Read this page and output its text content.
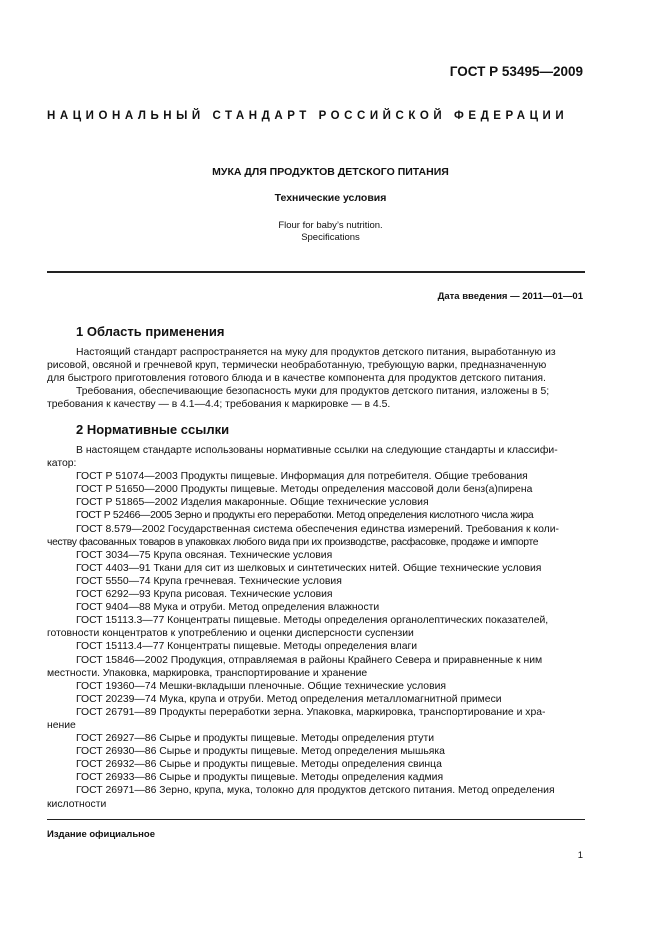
ГОСТ Р 53495—2009
НАЦИОНАЛЬНЫЙ СТАНДАРТ РОССИЙСКОЙ ФЕДЕРАЦИИ
МУКА ДЛЯ ПРОДУКТОВ ДЕТСКОГО ПИТАНИЯ
Технические условия
Flour for baby’s nutrition.
Specifications
Дата введения — 2011—01—01
1 Область применения
Настоящий стандарт распространяется на муку для продуктов детского питания, выработанную из
рисовой, овсяной и гречневой круп, термически необработанную, требующую варки, предназначенную
для быстрого приготовления готового блюда и в качестве компонента для продуктов детского питания.
Требования, обеспечивающие безопасность муки для продуктов детского питания, изложены в 5;
требования к качеству — в 4.1—4.4; требования к маркировке — в 4.5.
2 Нормативные ссылки
В настоящем стандарте использованы нормативные ссылки на следующие стандарты и классифи-
катор:
ГОСТ Р 51074—2003 Продукты пищевые. Информация для потребителя. Общие требования
ГОСТ Р 51650—2000 Продукты пищевые. Методы определения массовой доли бенз(а)пирена
ГОСТ Р 51865—2002 Изделия макаронные. Общие технические условия
ГОСТ Р 52466—2005 Зерно и продукты его переработки. Метод определения кислотного числа жира
ГОСТ 8.579—2002 Государственная система обеспечения единства измерений. Требования к коли-
честву фасованных товаров в упаковках любого вида при их производстве, расфасовке, продаже и импорте
ГОСТ 3034—75 Крупа овсяная. Технические условия
ГОСТ 4403—91 Ткани для сит из шелковых и синтетических нитей. Общие технические условия
ГОСТ 5550—74 Крупа гречневая. Технические условия
ГОСТ 6292—93 Крупа рисовая. Технические условия
ГОСТ 9404—88 Мука и отруби. Метод определения влажности
ГОСТ 15113.3—77 Концентраты пищевые. Методы определения органолептических показателей,
готовности концентратов к употреблению и оценки дисперсности суспензии
ГОСТ 15113.4—77 Концентраты пищевые. Методы определения влаги
ГОСТ 15846—2002 Продукция, отправляемая в районы Крайнего Севера и приравненные к ним
местности. Упаковка, маркировка, транспортирование и хранение
ГОСТ 19360—74 Мешки-вкладыши пленочные. Общие технические условия
ГОСТ 20239—74 Мука, крупа и отруби. Метод определения металломагнитной примеси
ГОСТ 26791—89 Продукты переработки зерна. Упаковка, маркировка, транспортирование и хра-
нение
ГОСТ 26927—86 Сырье и продукты пищевые. Методы определения ртути
ГОСТ 26930—86 Сырье и продукты пищевые. Метод определения мышьяка
ГОСТ 26932—86 Сырье и продукты пищевые. Методы определения свинца
ГОСТ 26933—86 Сырье и продукты пищевые. Методы определения кадмия
ГОСТ 26971—86 Зерно, крупа, мука, толокно для продуктов детского питания. Метод определения
кислотности
Издание официальное
1
